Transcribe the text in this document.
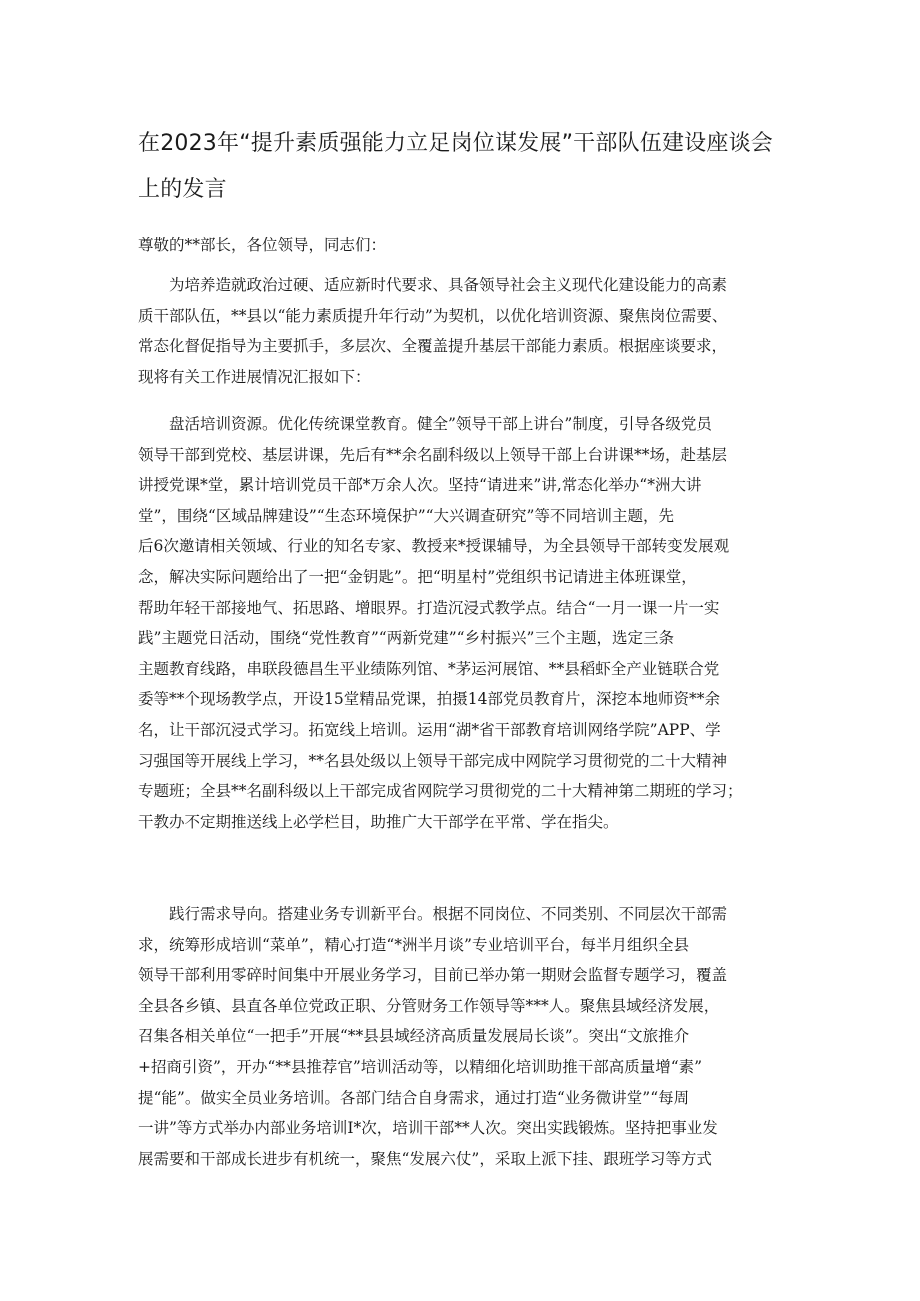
在2023年“提升素质强能力立足岗位谋发展”干部队伍建设座谈会
上的发言
尊敬的**部长，各位领导，同志们：

　　为培养造就政治过硬、适应新时代要求、具备领导社会主义现代化建设能力的高素
质干部队伍，**县以“能力素质提升年行动”为契机，以优化培训资源、聚焦岗位需要、
常态化督促指导为主要抓手，多层次、全覆盖提升基层干部能力素质。根据座谈要求，
现将有关工作进展情况汇报如下：

　　盘活培训资源。优化传统课堂教育。健全”领导干部上讲台”制度，引导各级党员
领导干部到党校、基层讲课，先后有**余名副科级以上领导干部上台讲课**场，赴基层
讲授党课*堂，累计培训党员干部*万余人次。坚持“请进来”讲,常态化举办“*洲大讲
堂”，围绕“区域品牌建设”“生态环境保护”“大兴调查研究”等不同培训主题，先
后6次邀请相关领域、行业的知名专家、教授来*授课辅导，为全县领导干部转变发展观
念，解决实际问题给出了一把“金钥匙”。把“明星村”党组织书记请进主体班课堂，
帮助年轻干部接地气、拓思路、增眼界。打造沉浸式教学点。结合“一月一课一片一实
践”主题党日活动，围绕“党性教育”“两新党建”“乡村振兴”三个主题，选定三条
主题教育线路，串联段德昌生平业绩陈列馆、*茅运河展馆、**县稻虾全产业链联合党
委等**个现场教学点，开设15堂精品党课，拍摄14部党员教育片，深挖本地师资**余
名，让干部沉浸式学习。拓宽线上培训。运用“湖*省干部教育培训网络学院”APP、学
习强国等开展线上学习，**名县处级以上领导干部完成中网院学习贯彻党的二十大精神
专题班；全县**名副科级以上干部完成省网院学习贯彻党的二十大精神第二期班的学习；
干教办不定期推送线上必学栏目，助推广大干部学在平常、学在指尖。

　　践行需求导向。搭建业务专训新平台。根据不同岗位、不同类别、不同层次干部需
求，统筹形成培训“菜单”，精心打造“*洲半月谈”专业培训平台，每半月组织全县
领导干部利用零碎时间集中开展业务学习，目前已举办第一期财会监督专题学习，覆盖
全县各乡镇、县直各单位党政正职、分管财务工作领导等***人。聚焦县域经济发展，
召集各相关单位“一把手”开展“**县县域经济高质量发展局长谈”。突出“文旅推介
+招商引资”，开办“**县推荐官”培训活动等，以精细化培训助推干部高质量增“素”
提“能”。做实全员业务培训。各部门结合自身需求，通过打造“业务微讲堂”“每周
一讲”等方式举办内部业务培训I*次，培训干部**人次。突出实践锻炼。坚持把事业发
展需要和干部成长进步有机统一，聚焦“发展六仗”，采取上派下挂、跟班学习等方式
